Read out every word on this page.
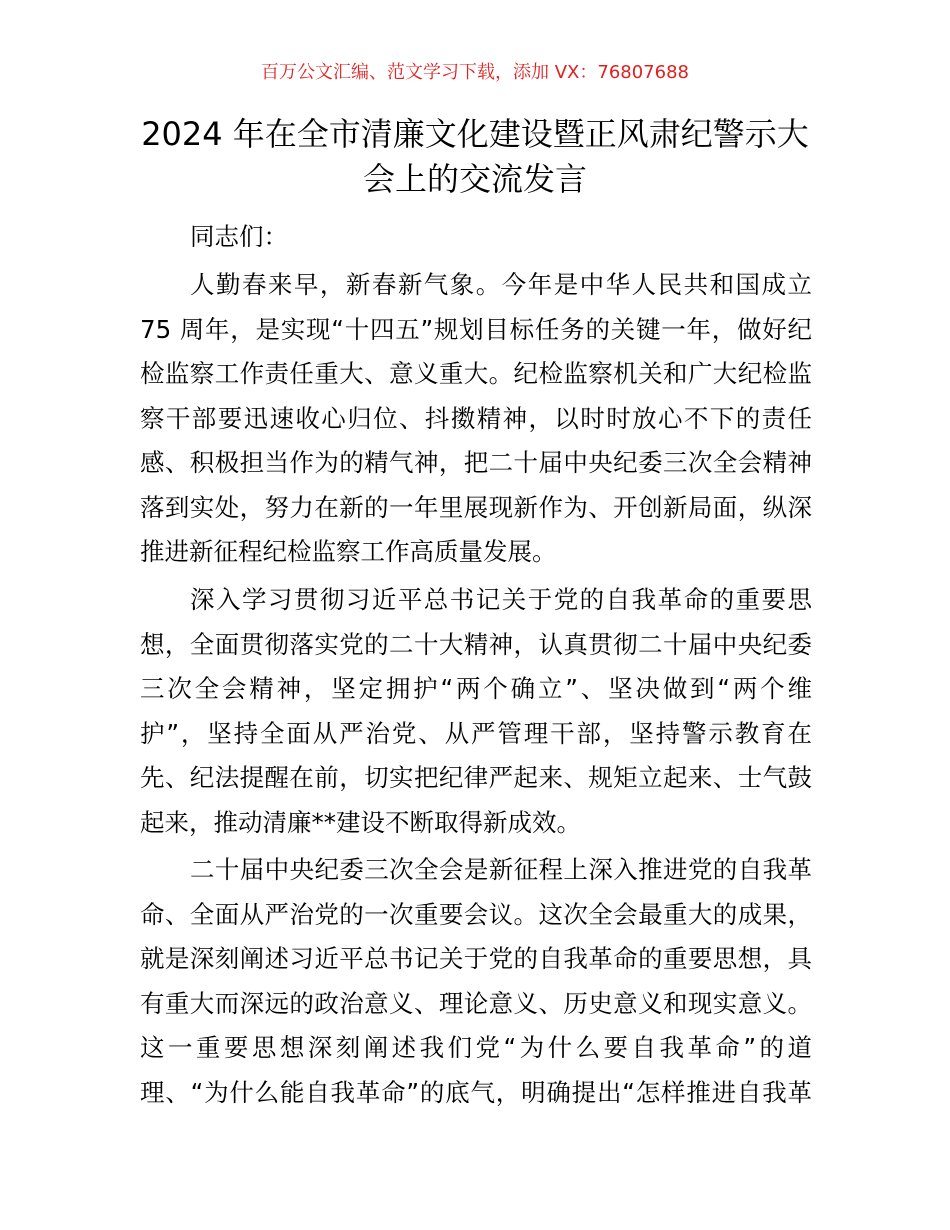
百万公文汇编、范文学习下载，添加 VX：76807688
2024 年在全市清廉文化建设暨正风肃纪警示大
会上的交流发言
同志们：
人勤春来早，新春新气象。今年是中华人民共和国成立
75 周年，是实现“十四五”规划目标任务的关键一年，做好纪
检监察工作责任重大、意义重大。纪检监察机关和广大纪检监
察干部要迅速收心归位、抖擞精神，以时时放心不下的责任
感、积极担当作为的精气神，把二十届中央纪委三次全会精神
落到实处，努力在新的一年里展现新作为、开创新局面，纵深
推进新征程纪检监察工作高质量发展。
深入学习贯彻习近平总书记关于党的自我革命的重要思
想，全面贯彻落实党的二十大精神，认真贯彻二十届中央纪委
三次全会精神，坚定拥护“两个确立”、坚决做到“两个维
护”，坚持全面从严治党、从严管理干部，坚持警示教育在
先、纪法提醒在前，切实把纪律严起来、规矩立起来、士气鼓
起来，推动清廉**建设不断取得新成效。
二十届中央纪委三次全会是新征程上深入推进党的自我革
命、全面从严治党的一次重要会议。这次全会最重大的成果，
就是深刻阐述习近平总书记关于党的自我革命的重要思想，具
有重大而深远的政治意义、理论意义、历史意义和现实意义。
这一重要思想深刻阐述我们党“为什么要自我革命”的道
理、“为什么能自我革命”的底气，明确提出“怎样推进自我革
